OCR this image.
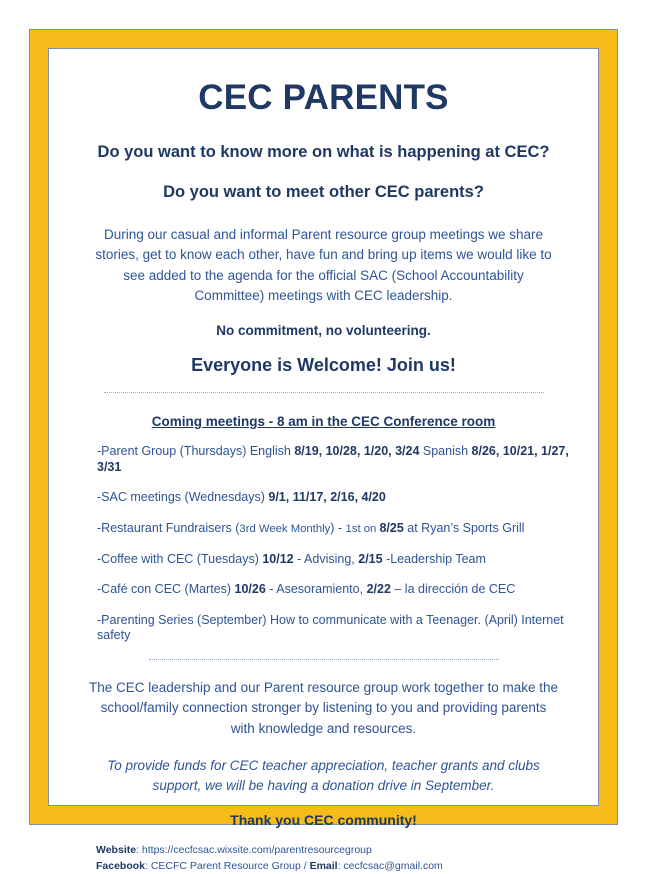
CEC PARENTS

Do you want to know more on what is happening at CEC?

Do you want to meet other CEC parents?

During our casual and informal Parent resource group meetings we share stories, get to know each other, have fun and bring up items we would like to see added to the agenda for the official SAC (School Accountability Committee) meetings with CEC leadership.

No commitment, no volunteering.

Everyone is Welcome! Join us!

Coming meetings - 8 am in the CEC Conference room

-Parent Group (Thursdays) English 8/19, 10/28, 1/20, 3/24 Spanish 8/26, 10/21, 1/27, 3/31
-SAC meetings (Wednesdays) 9/1, 11/17, 2/16, 4/20
-Restaurant Fundraisers (3rd Week Monthly) - 1st on 8/25 at Ryan’s Sports Grill
-Coffee with CEC (Tuesdays) 10/12 - Advising, 2/15 -Leadership Team
-Café con CEC (Martes) 10/26 - Asesoramiento, 2/22 – la dirección de CEC
-Parenting Series (September) How to communicate with a Teenager. (April) Internet safety

The CEC leadership and our Parent resource group work together to make the school/family connection stronger by listening to you and providing parents with knowledge and resources.

To provide funds for CEC teacher appreciation, teacher grants and clubs support, we will be having a donation drive in September.

Thank you CEC community!

Website: https://cecfcsac.wixsite.com/parentresourcegroup
Facebook: CECFC Parent Resource Group / Email: cecfcsac@gmail.com
